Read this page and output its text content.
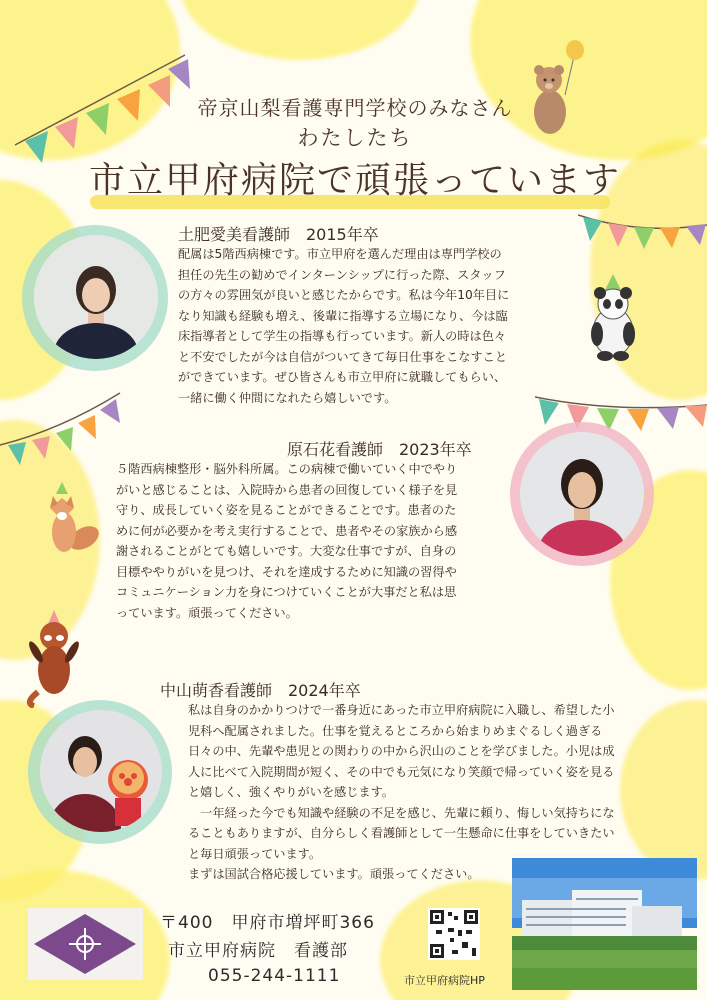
帝京山梨看護専門学校のみなさん
わたしたち
市立甲府病院で頑張っています
土肥愛美看護師　2015年卒
配属は5階西病棟です。市立甲府を選んだ理由は専門学校の
担任の先生の勧めでインターンシップに行った際、スタッフ
の方々の雰囲気が良いと感じたからです。私は今年10年目に
なり知識も経験も増え、後輩に指導する立場になり、今は臨
床指導者として学生の指導も行っています。新人の時は色々
と不安でしたが今は自信がついてきて毎日仕事をこなすこと
ができています。ぜひ皆さんも市立甲府に就職してもらい、
一緒に働く仲間になれたら嬉しいです。
原石花看護師　2023年卒
５階西病棟整形・脳外科所属。この病棟で働いていく中でやり
がいと感じることは、入院時から患者の回復していく様子を見
守り、成長していく姿を見ることができることです。患者のた
めに何が必要かを考え実行することで、患者やその家族から感
謝されることがとても嬉しいです。大変な仕事ですが、自身の
目標ややりがいを見つけ、それを達成するために知識の習得や
コミュニケーション力を身につけていくことが大事だと私は思
っています。頑張ってください。
中山萌香看護師　2024年卒
私は自身のかかりつけで一番身近にあった市立甲府病院に入職し、希望した小
児科へ配属されました。仕事を覚えるところから始まりめまぐるしく過ぎる
日々の中、先輩や患児との関わりの中から沢山のことを学びました。小児は成
人に比べて入院期間が短く、その中でも元気になり笑顔で帰っていく姿を見る
と嬉しく、強くやりがいを感じます。
　一年経った今でも知識や経験の不足を感じ、先輩に頼り、悔しい気持ちにな
ることもありますが、自分らしく看護師として一生懸命に仕事をしていきたい
と毎日頑張っています。
まずは国試合格応援しています。頑張ってください。
〒400　甲府市増坪町366
市立甲府病院　看護部
055-244-1111	市立甲府病院HP
